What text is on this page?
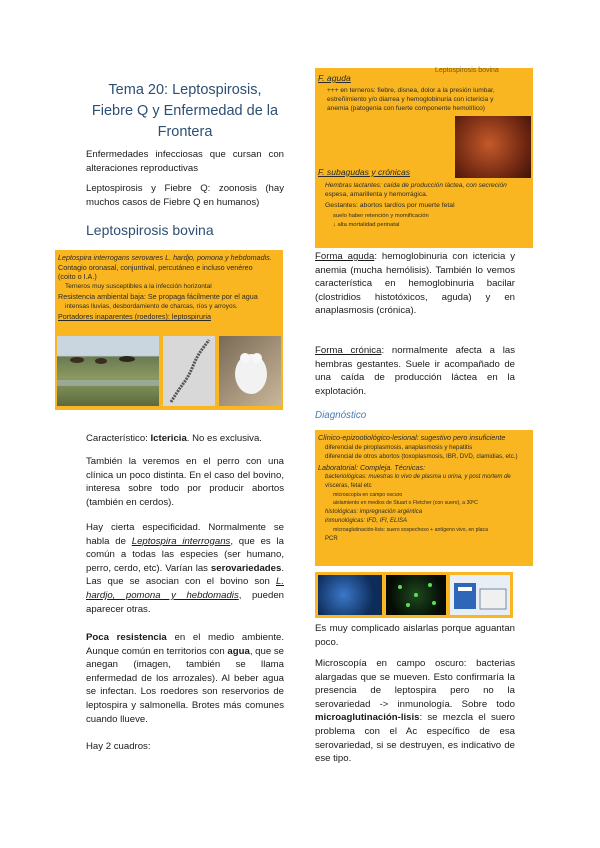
Tema 20: Leptospirosis, Fiebre Q y Enfermedad de la Frontera

Enfermedades infecciosas que cursan con alteraciones reproductivas

Leptospirosis y Fiebre Q: zoonosis (hay muchos casos de Fiebre Q en humanos)

Leptospirosis bovina
Leptospira interrogans serovares L. hardjo, pomona y hebdomadis.
Contagio oronasal, conjuntival, percutáneo e incluso venéreo
(coito o I.A.)
Terneros muy susceptibles a la infección horizontal
Resistencia ambiental baja: Se propaga fácilmente por el agua
intensas lluvias, desbordamiento de charcas, ríos y arroyos.
Portadores inaparentes (roedores): leptospiruria

Característico: Ictericia. No es exclusiva.

También la veremos en el perro con una clínica un poco distinta. En el caso del bovino, interesa sobre todo por producir abortos (también en cerdos).

Hay cierta especificidad. Normalmente se habla de Leptospira interrogans, que es la común a todas las especies (ser humano, perro, cerdo, etc). Varían las serovariedades. Las que se asocian con el bovino son L. hardjo, pomona y hebdomadis, pueden aparecer otras.

Poca resistencia en el medio ambiente. Aunque común en territorios con agua, que se anegan (imagen, también se llama enfermedad de los arrozales). Al beber agua se infectan. Los roedores son reservorios de leptospira y salmonella. Brotes más comunes cuando llueve.

Hay 2 cuadros:

Leptospirosis bovina
F. aguda
+++ en terneros: fiebre, disnea, dolor a la presión lumbar,
estreñimiento y/o diarrea y hemoglobinuria con ictericia y
anemia (patogenia con fuerte componente hemolítico)
F. subagudas y crónicas
Hembras lactantes: caída de producción láctea, con secreción
espesa, amarillenta y hemorrágica.
Gestantes: abortos tardíos por muerte fetal
suelo haber retención y momificación
↓ alta mortalidad perinatal

Forma aguda: hemoglobinuria con ictericia y anemia (mucha hemólisis). También lo vemos característica en hemoglobinuria bacilar (clostridios histotóxicos, aguda) y en anaplasmosis (crónica).

Forma crónica: normalmente afecta a las hembras gestantes. Suele ir acompañado de una caída de producción láctea en la explotación.

Diagnóstico
Clínico-epizootiológico-lesional: sugestivo pero insuficiente
diferencial de piroplasmosis, anaplasmosis y hepatitis
diferencial de otros abortos (toxoplasmosis, IBR, DVD, clamidias, etc.)
Laboratorial: Compleja. Técnicas:
bacteriológicas: muestras lo vivo de plasma u orina, y post mortem de
vísceras, fetal etc
microscopía en campo oscuro
aislamiento en medios de Stuart o Fletcher (con suero), a 30ºC
histológicas: impregnación argéntica
inmunológicas: IFD, IFI, ELISA
microaglutinación-lisis: suero sospechoso + antígeno vivo, en placa
PCR

Es muy complicado aislarlas porque aguantan poco.

Microscopía en campo oscuro: bacterias alargadas que se mueven. Esto confirmaría la presencia de leptospira pero no la serovariedad -> inmunología. Sobre todo microaglutinación-lisis: se mezcla el suero problema con el Ac específico de esa serovariedad, si se destruyen, es indicativo de ese tipo.
